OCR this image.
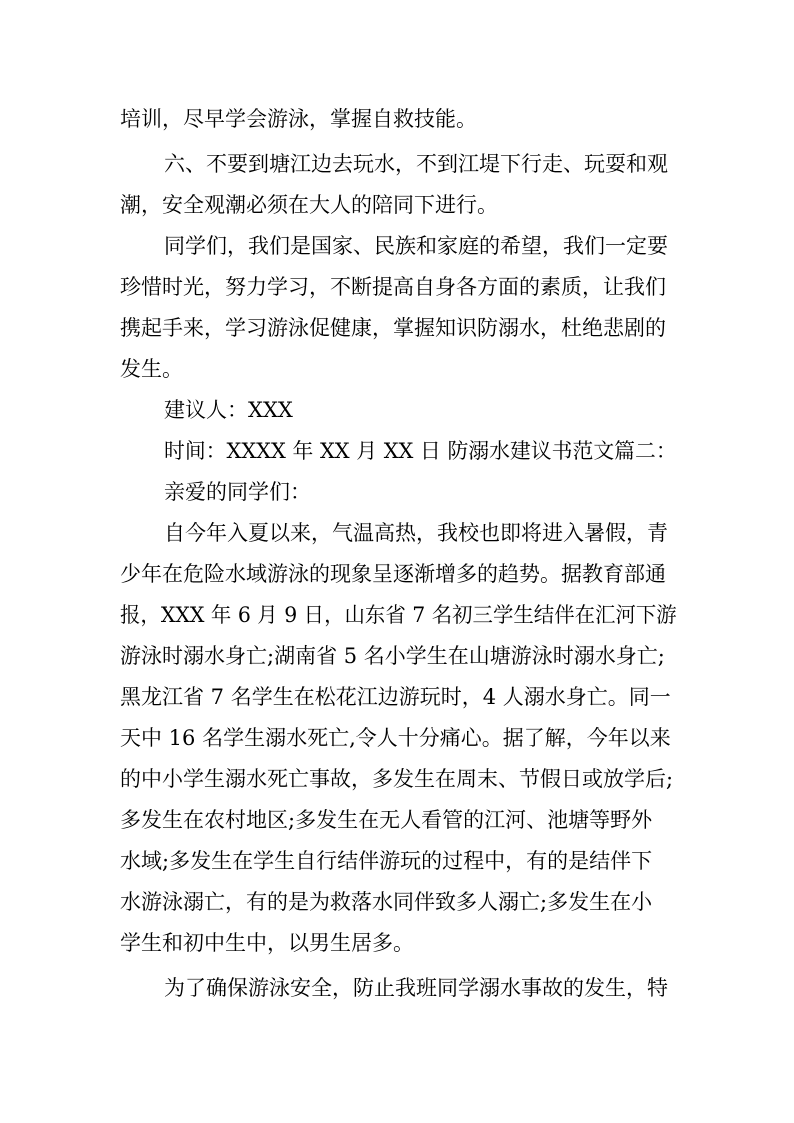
培训，尽早学会游泳，掌握自救技能。
六、不要到塘江边去玩水，不到江堤下行走、玩耍和观
潮，安全观潮必须在大人的陪同下进行。
同学们，我们是国家、民族和家庭的希望，我们一定要
珍惜时光，努力学习，不断提高自身各方面的素质，让我们
携起手来，学习游泳促健康，掌握知识防溺水，杜绝悲剧的
发生。
建议人：XXX
时间：XXXX 年 XX 月 XX 日 防溺水建议书范文篇二：
亲爱的同学们：
自今年入夏以来，气温高热，我校也即将进入暑假，青
少年在危险水域游泳的现象呈逐渐增多的趋势。据教育部通
报，XXX 年 6 月 9 日，山东省 7 名初三学生结伴在汇河下游
游泳时溺水身亡;湖南省 5 名小学生在山塘游泳时溺水身亡;
黑龙江省 7 名学生在松花江边游玩时，4 人溺水身亡。同一
天中 16 名学生溺水死亡,令人十分痛心。据了解，今年以来
的中小学生溺水死亡事故，多发生在周末、节假日或放学后;
多发生在农村地区;多发生在无人看管的江河、池塘等野外
水域;多发生在学生自行结伴游玩的过程中，有的是结伴下
水游泳溺亡，有的是为救落水同伴致多人溺亡;多发生在小
学生和初中生中，以男生居多。
为了确保游泳安全，防止我班同学溺水事故的发生，特
